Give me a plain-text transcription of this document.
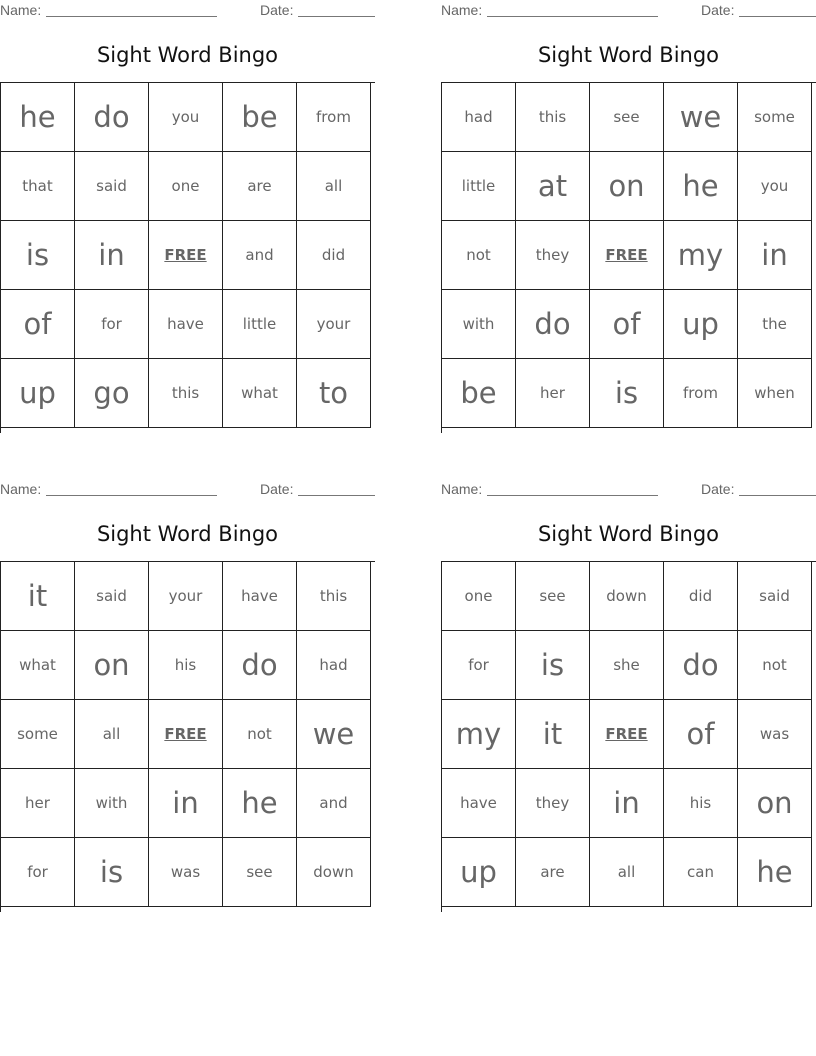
Name:	Date:
Sight Word Bingo
he	do	you	be	from
that	said	one	are	all
is	in	FREE	and	did
of	for	have	little	your
up	go	this	what	to
Name:	Date:
Sight Word Bingo
had	this	see	we	some
little	at	on	he	you
not	they	FREE	my	in
with	do	of	up	the
be	her	is	from	when
Name:	Date:
Sight Word Bingo
it	said	your	have	this
what	on	his	do	had
some	all	FREE	not	we
her	with	in	he	and
for	is	was	see	down
Name:	Date:
Sight Word Bingo
one	see	down	did	said
for	is	she	do	not
my	it	FREE	of	was
have	they	in	his	on
up	are	all	can	he
